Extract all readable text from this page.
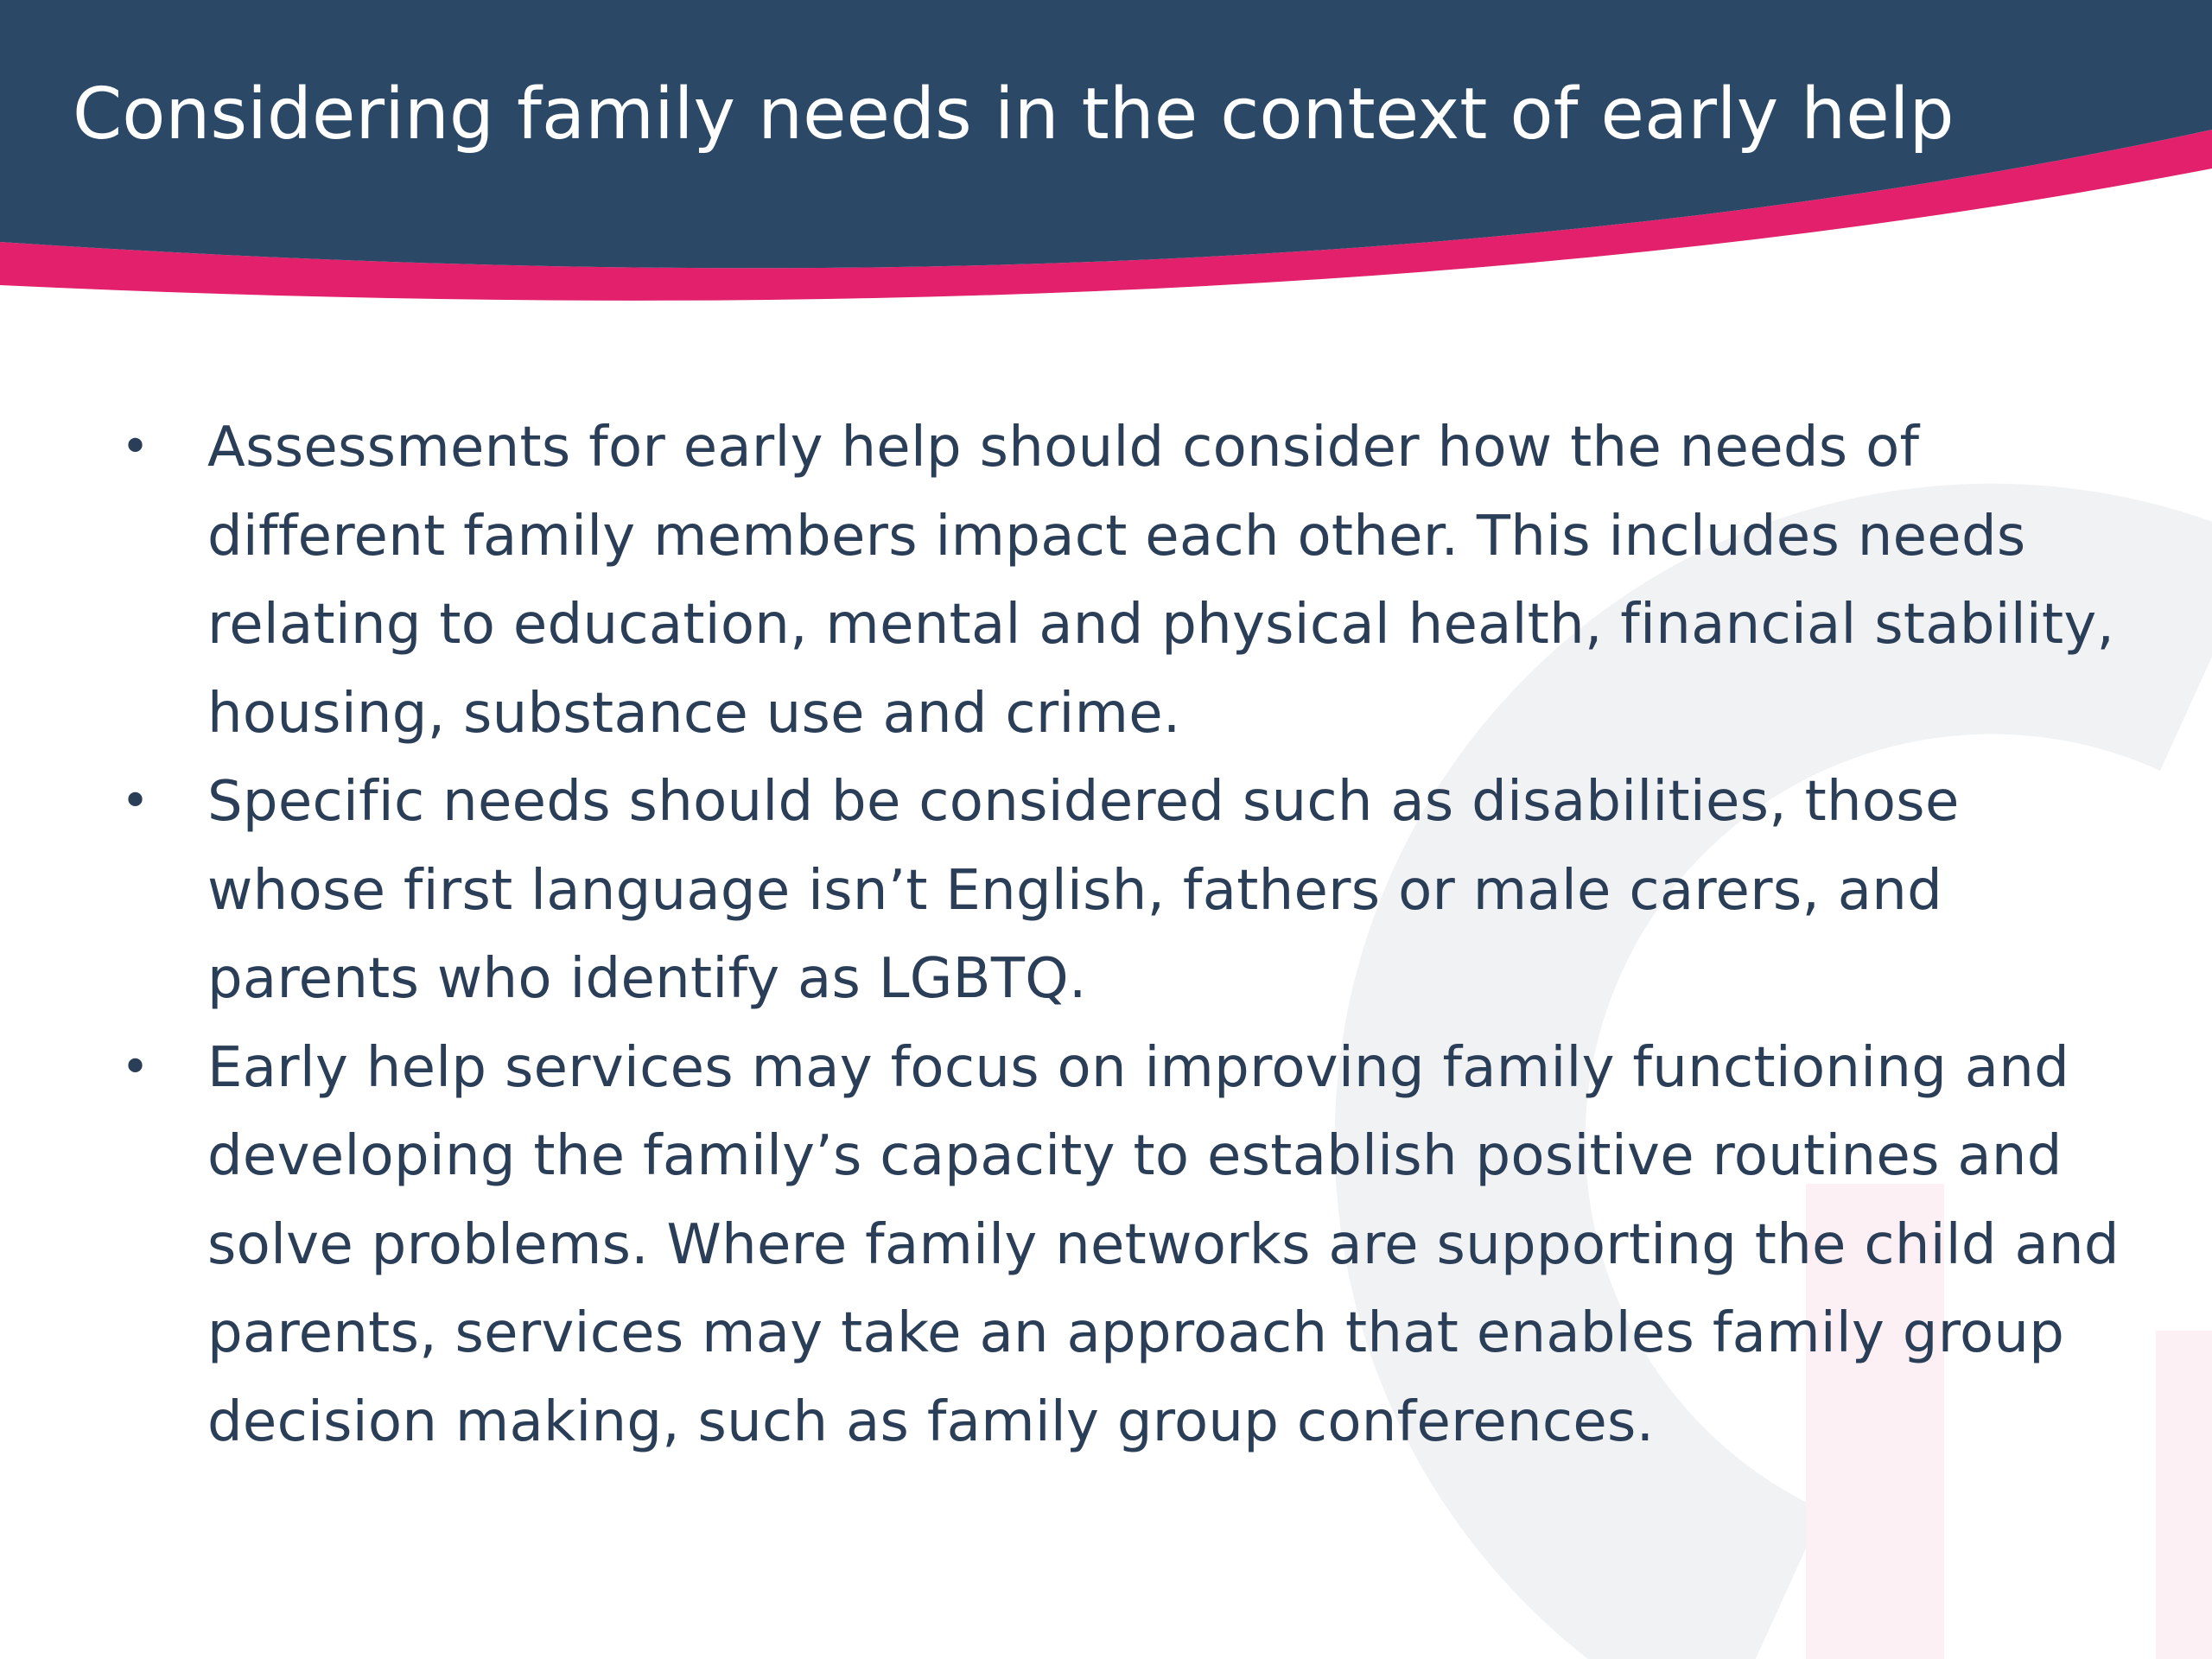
Considering family needs in the context of early help
• Assessments for early help should consider how the needs of different family members impact each other. This includes needs relating to education, mental and physical health, financial stability, housing, substance use and crime.
• Specific needs should be considered such as disabilities, those whose first language isn’t English, fathers or male carers, and parents who identify as LGBTQ.
• Early help services may focus on improving family functioning and developing the family’s capacity to establish positive routines and solve problems. Where family networks are supporting the child and parents, services may take an approach that enables family group decision making, such as family group conferences.
